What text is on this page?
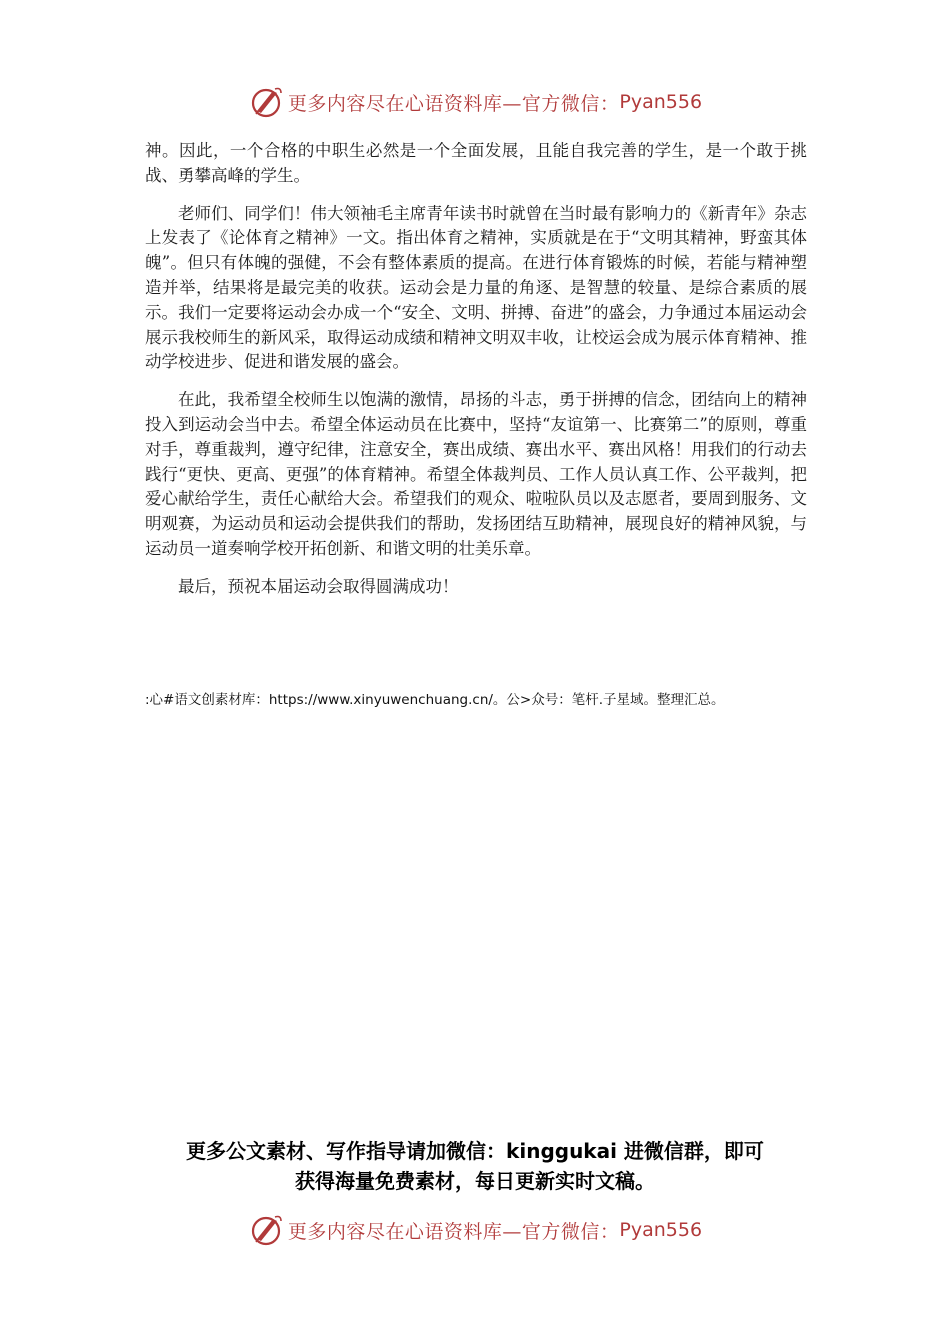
更多内容尽在心语资料库—官方微信： Pyan556

神。因此，一个合格的中职生必然是一个全面发展，且能自我完善的学生，是一个敢于挑战、勇攀高峰的学生。

老师们、同学们！伟大领袖毛主席青年读书时就曾在当时最有影响力的《新青年》杂志上发表了《论体育之精神》一文。指出体育之精神，实质就是在于“文明其精神，野蛮其体魄”。但只有体魄的强健，不会有整体素质的提高。在进行体育锻炼的时候，若能与精神塑造并举，结果将是最完美的收获。运动会是力量的角逐、是智慧的较量、是综合素质的展示。我们一定要将运动会办成一个“安全、文明、拼搏、奋进”的盛会，力争通过本届运动会展示我校师生的新风采，取得运动成绩和精神文明双丰收，让校运会成为展示体育精神、推动学校进步、促进和谐发展的盛会。

在此，我希望全校师生以饱满的激情，昂扬的斗志，勇于拼搏的信念，团结向上的精神投入到运动会当中去。希望全体运动员在比赛中，坚持“友谊第一、比赛第二”的原则，尊重对手，尊重裁判，遵守纪律，注意安全，赛出成绩、赛出水平、赛出风格！用我们的行动去践行“更快、更高、更强”的体育精神。希望全体裁判员、工作人员认真工作、公平裁判，把爱心献给学生，责任心献给大会。希望我们的观众、啦啦队员以及志愿者，要周到服务、文明观赛，为运动员和运动会提供我们的帮助，发扬团结互助精神，展现良好的精神风貌，与运动员一道奏响学校开拓创新、和谐文明的壮美乐章。

最后，预祝本届运动会取得圆满成功！

:心#语文创素材库：https://www.xinyuwenchuang.cn/。公>众号：笔杆.子星域。整理汇总。
更多公文素材、写作指导请加微信：kinggukai 进微信群，即可
获得海量免费素材，每日更新实时文稿。
更多内容尽在心语资料库—官方微信： Pyan556
